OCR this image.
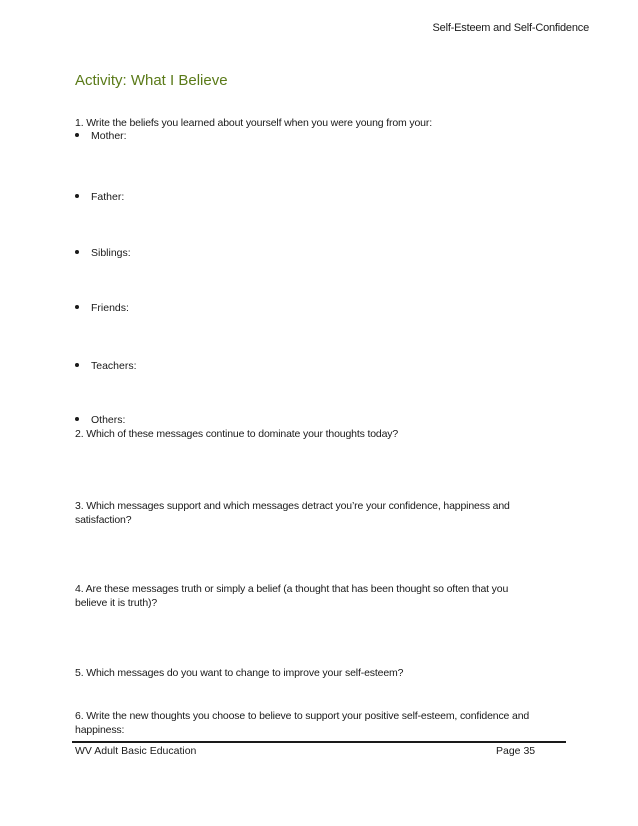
Self-Esteem and Self-Confidence
Activity: What I Believe
1. Write the beliefs you learned about yourself when you were young from your:
Mother:
Father:
Siblings:
Friends:
Teachers:
Others:
2. Which of these messages continue to dominate your thoughts today?
3. Which messages support and which messages detract you’re your confidence, happiness and
satisfaction?
4. Are these messages truth or simply a belief (a thought that has been thought so often that you
believe it is truth)?
5. Which messages do you want to change to improve your self-esteem?
6. Write the new thoughts you choose to believe to support your positive self-esteem, confidence and
happiness:
WV Adult Basic Education	Page 35
